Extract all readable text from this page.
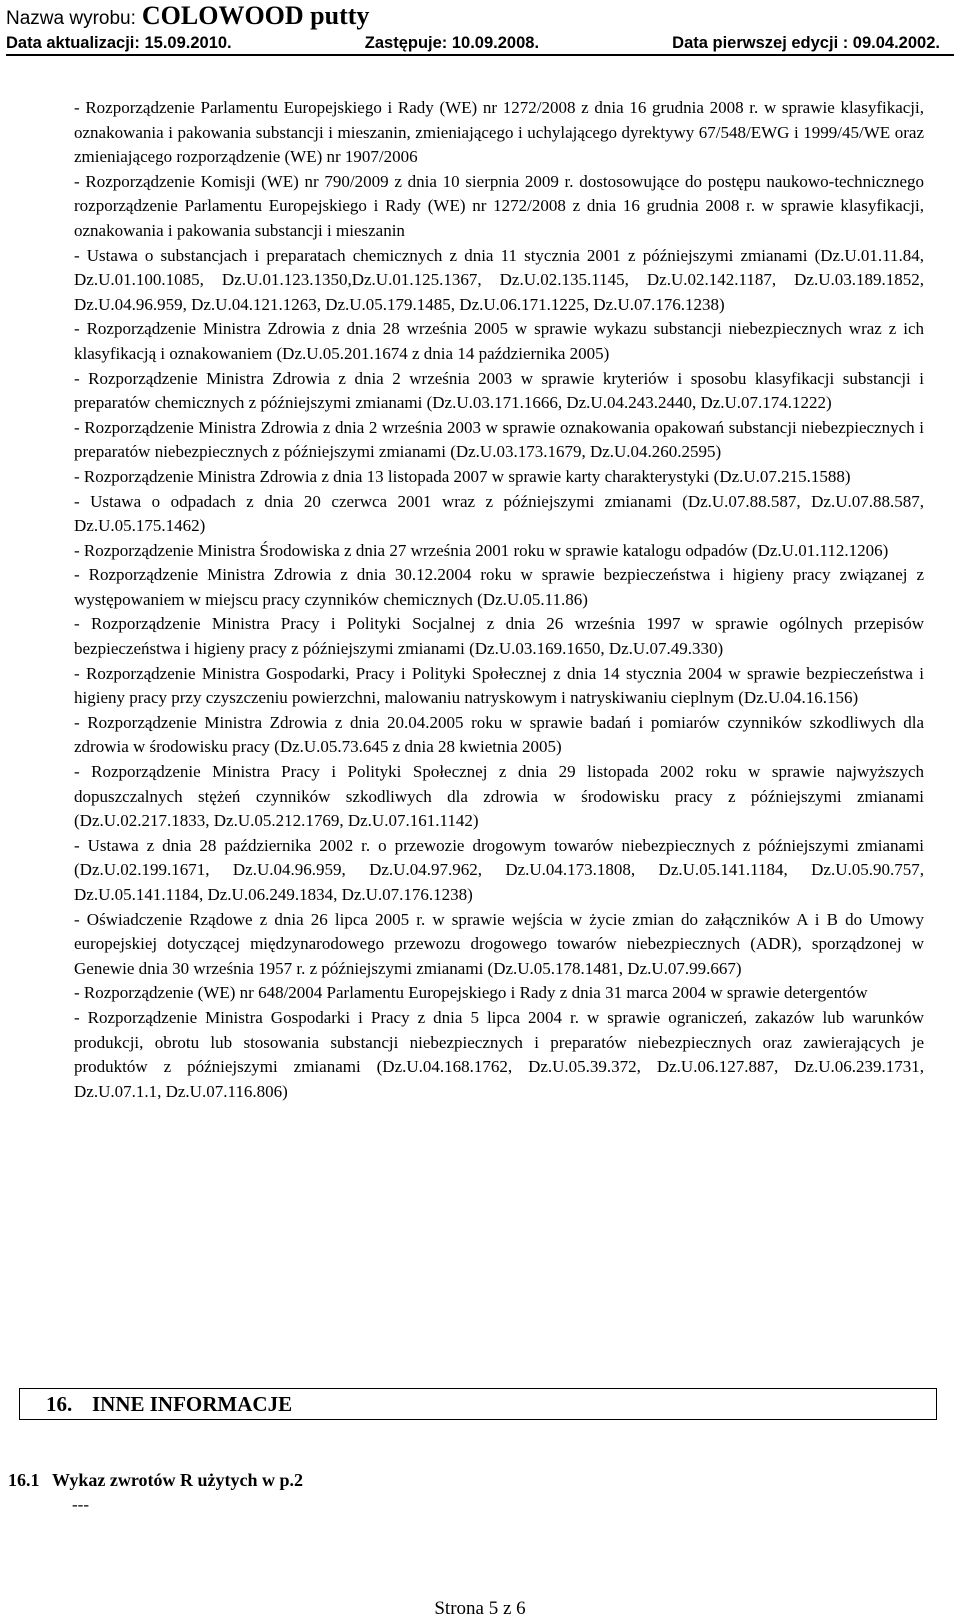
Nazwa wyrobu: COLOWOOD putty
Data aktualizacji: 15.09.2010.	Zastępuje: 10.09.2008.	Data pierwszej edycji : 09.04.2002.

- Rozporządzenie Parlamentu Europejskiego i Rady (WE) nr 1272/2008 z dnia 16 grudnia 2008 r. w sprawie klasyfikacji, oznakowania i pakowania substancji i mieszanin, zmieniającego i uchylającego dyrektywy 67/548/EWG i 1999/45/WE oraz zmieniającego rozporządzenie (WE) nr 1907/2006

- Rozporządzenie Komisji (WE) nr 790/2009 z dnia 10 sierpnia 2009 r. dostosowujące do postępu naukowo-technicznego rozporządzenie Parlamentu Europejskiego i Rady (WE) nr 1272/2008 z dnia 16 grudnia 2008 r. w sprawie klasyfikacji, oznakowania i pakowania substancji i mieszanin

- Ustawa o substancjach i preparatach chemicznych z dnia 11 stycznia 2001 z późniejszymi zmianami (Dz.U.01.11.84, Dz.U.01.100.1085, Dz.U.01.123.1350,Dz.U.01.125.1367, Dz.U.02.135.1145, Dz.U.02.142.1187, Dz.U.03.189.1852, Dz.U.04.96.959, Dz.U.04.121.1263, Dz.U.05.179.1485, Dz.U.06.171.1225, Dz.U.07.176.1238)

- Rozporządzenie Ministra Zdrowia z dnia 28 września 2005 w sprawie wykazu substancji niebezpiecznych wraz z ich klasyfikacją i oznakowaniem (Dz.U.05.201.1674 z dnia 14 października 2005)

- Rozporządzenie Ministra Zdrowia z dnia 2 września 2003 w sprawie kryteriów i sposobu klasyfikacji substancji i preparatów chemicznych z późniejszymi zmianami (Dz.U.03.171.1666, Dz.U.04.243.2440, Dz.U.07.174.1222)

- Rozporządzenie Ministra Zdrowia z dnia 2 września 2003 w sprawie oznakowania opakowań substancji niebezpiecznych i preparatów niebezpiecznych z późniejszymi zmianami (Dz.U.03.173.1679, Dz.U.04.260.2595)

- Rozporządzenie Ministra Zdrowia z dnia 13 listopada 2007 w sprawie karty charakterystyki (Dz.U.07.215.1588)

- Ustawa o odpadach z dnia 20 czerwca 2001 wraz z późniejszymi zmianami (Dz.U.07.88.587, Dz.U.07.88.587, Dz.U.05.175.1462)

- Rozporządzenie Ministra Środowiska z dnia 27 września 2001 roku w sprawie katalogu odpadów (Dz.U.01.112.1206)

- Rozporządzenie Ministra Zdrowia z dnia 30.12.2004 roku w sprawie bezpieczeństwa i higieny pracy związanej z występowaniem w miejscu pracy czynników chemicznych (Dz.U.05.11.86)

- Rozporządzenie Ministra Pracy i Polityki Socjalnej z dnia 26 września 1997 w sprawie ogólnych przepisów bezpieczeństwa i higieny pracy z późniejszymi zmianami (Dz.U.03.169.1650, Dz.U.07.49.330)

- Rozporządzenie Ministra Gospodarki, Pracy i Polityki Społecznej z dnia 14 stycznia 2004 w sprawie bezpieczeństwa i higieny pracy przy czyszczeniu powierzchni, malowaniu natryskowym i natryskiwaniu cieplnym (Dz.U.04.16.156)

- Rozporządzenie Ministra Zdrowia z dnia 20.04.2005 roku w sprawie badań i pomiarów czynników szkodliwych dla zdrowia w środowisku pracy (Dz.U.05.73.645 z dnia 28 kwietnia 2005)

- Rozporządzenie Ministra Pracy i Polityki Społecznej z dnia 29 listopada 2002 roku w sprawie najwyższych dopuszczalnych stężeń czynników szkodliwych dla zdrowia w środowisku pracy z późniejszymi zmianami (Dz.U.02.217.1833, Dz.U.05.212.1769, Dz.U.07.161.1142)

- Ustawa z dnia 28 października 2002 r. o przewozie drogowym towarów niebezpiecznych z późniejszymi zmianami (Dz.U.02.199.1671, Dz.U.04.96.959, Dz.U.04.97.962, Dz.U.04.173.1808, Dz.U.05.141.1184, Dz.U.05.90.757, Dz.U.05.141.1184, Dz.U.06.249.1834, Dz.U.07.176.1238)

- Oświadczenie Rządowe z dnia 26 lipca 2005 r. w sprawie wejścia w życie zmian do załączników A i B do Umowy europejskiej dotyczącej międzynarodowego przewozu drogowego towarów niebezpiecznych (ADR), sporządzonej w Genewie dnia 30 września 1957 r. z późniejszymi zmianami (Dz.U.05.178.1481, Dz.U.07.99.667)

- Rozporządzenie (WE) nr 648/2004 Parlamentu Europejskiego i Rady z dnia 31 marca 2004 w sprawie detergentów

- Rozporządzenie Ministra Gospodarki i Pracy z dnia 5 lipca 2004 r. w sprawie ograniczeń, zakazów lub warunków produkcji, obrotu lub stosowania substancji niebezpiecznych i preparatów niebezpiecznych oraz zawierających je produktów z późniejszymi zmianami (Dz.U.04.168.1762, Dz.U.05.39.372, Dz.U.06.127.887, Dz.U.06.239.1731, Dz.U.07.1.1, Dz.U.07.116.806)

16. INNE INFORMACJE
16.1 Wykaz zwrotów R użytych w p.2
---
Strona 5 z 6
